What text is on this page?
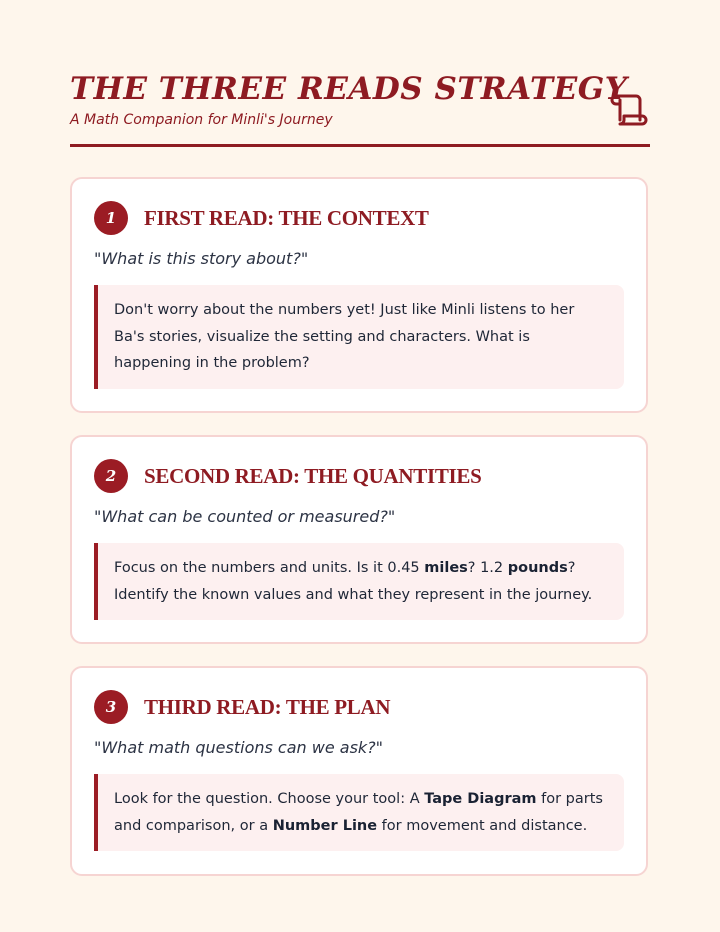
THE THREE READS STRATEGY
A Math Companion for Minli's Journey
1	FIRST READ: THE CONTEXT
"What is this story about?"
Don't worry about the numbers yet! Just like Minli listens to her Ba's stories, visualize the setting and characters. What is happening in the problem?
2	SECOND READ: THE QUANTITIES
"What can be counted or measured?"
Focus on the numbers and units. Is it 0.45 miles? 1.2 pounds? Identify the known values and what they represent in the journey.
3	THIRD READ: THE PLAN
"What math questions can we ask?"
Look for the question. Choose your tool: A Tape Diagram for parts and comparison, or a Number Line for movement and distance.
